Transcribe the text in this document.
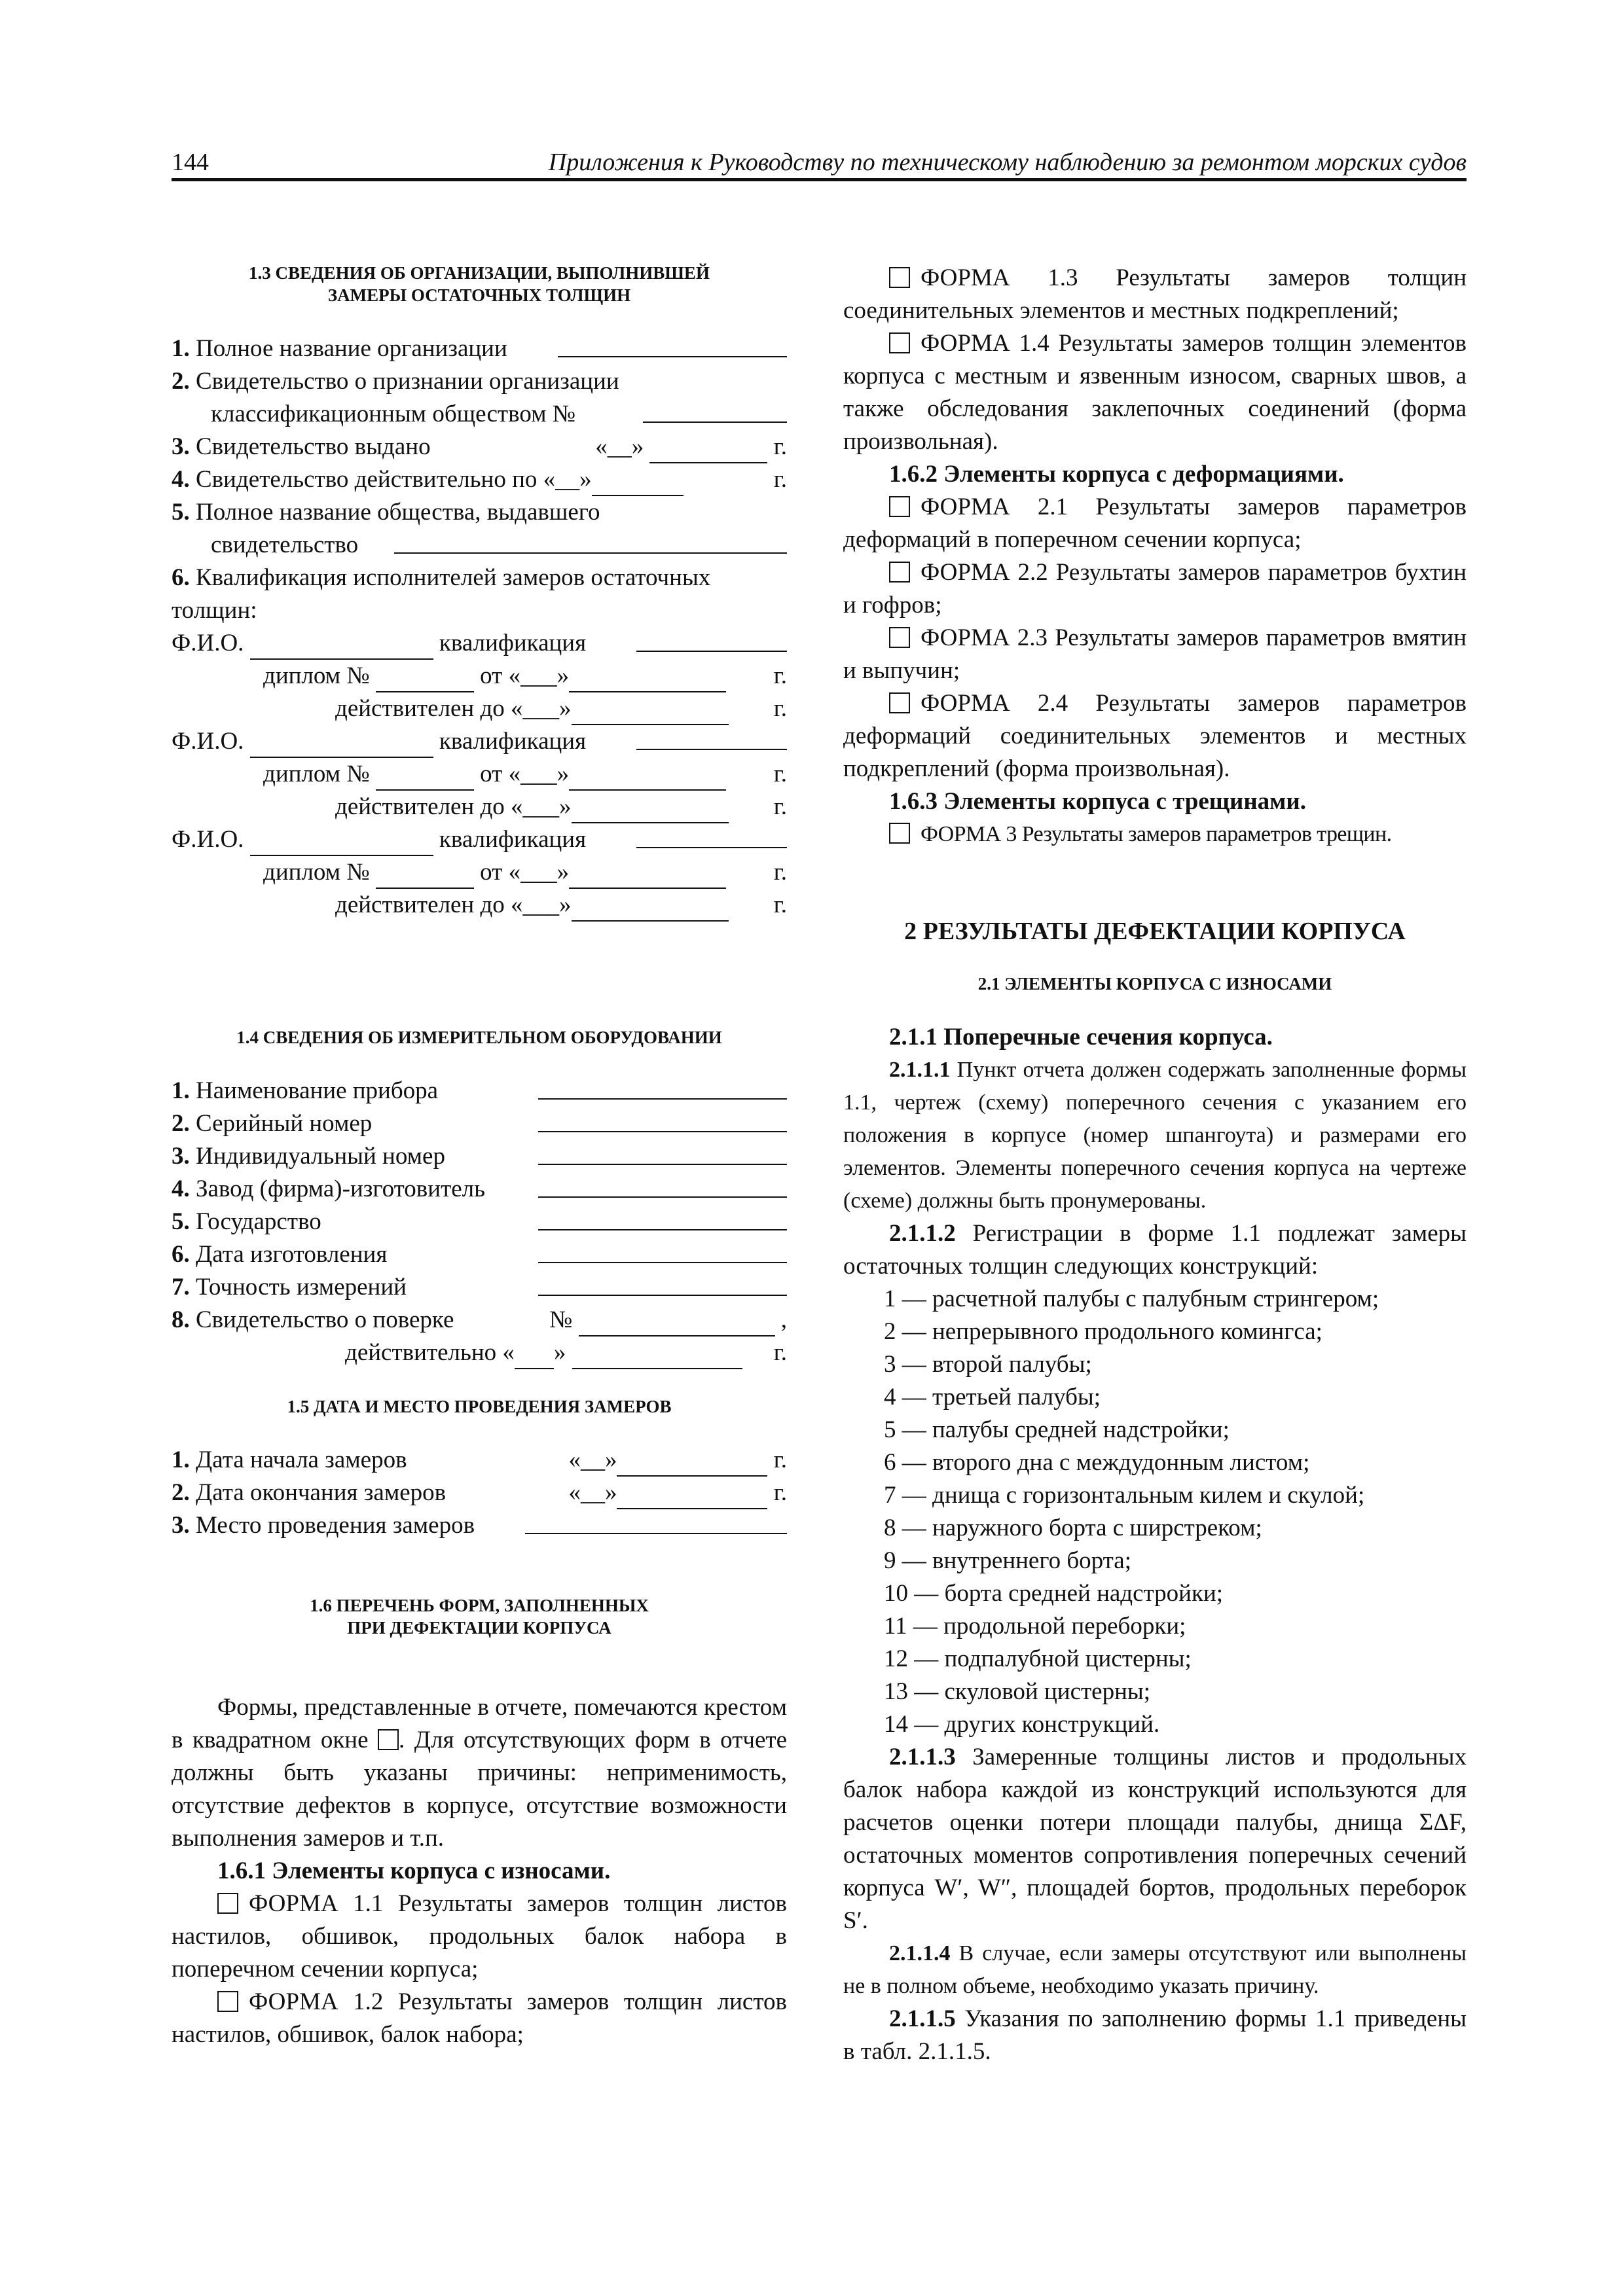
144	Приложения к Руководству по техническому наблюдению за ремонтом морских судов
1.3 СВЕДЕНИЯ ОБ ОРГАНИЗАЦИИ, ВЫПОЛНИВШЕЙ
ЗАМЕРЫ ОСТАТОЧНЫХ ТОЛЩИН
1. Полное название организации
2. Свидетельство о признании организации
классификационным обществом №
3. Свидетельство выдано	«__»	г.
4. Свидетельство действительно по «__»	г.
5. Полное название общества, выдавшего
свидетельство
6. Квалификация исполнителей замеров остаточных
толщин:
Ф.И.О.	квалификация
диплом №	от «___»	г.
действителен до «___»	г.
Ф.И.О.	квалификация
диплом №	от «___»	г.
действителен до «___»	г.
Ф.И.О.	квалификация
диплом №	от «___»	г.
действителен до «___»	г.
1.4 СВЕДЕНИЯ ОБ ИЗМЕРИТЕЛЬНОМ ОБОРУДОВАНИИ
1. Наименование прибора
2. Серийный номер
3. Индивидуальный номер
4. Завод (фирма)-изготовитель
5. Государство
6. Дата изготовления
7. Точность измерений
8. Свидетельство о поверке	№	,
действительно « »	г.
1.5 ДАТА И МЕСТО ПРОВЕДЕНИЯ ЗАМЕРОВ
1. Дата начала замеров	«__»	г.
2. Дата окончания замеров	«__»	г.
3. Место проведения замеров
1.6 ПЕРЕЧЕНЬ ФОРМ, ЗАПОЛНЕННЫХ
ПРИ ДЕФЕКТАЦИИ КОРПУСА
Формы, представленные в отчете, помечаются крестом в квадратном окне . Для отсутствующих форм в отчете должны быть указаны причины: неприменимость, отсутствие дефектов в корпусе, отсутствие возможности выполнения замеров и т.п.
1.6.1 Элементы корпуса с износами.
ФОРМА 1.1 Результаты замеров толщин листов настилов, обшивок, продольных балок набора в поперечном сечении корпуса;
ФОРМА 1.2 Результаты замеров толщин листов настилов, обшивок, балок набора;
ФОРМА 1.3 Результаты замеров толщин соединительных элементов и местных подкреплений;
ФОРМА 1.4 Результаты замеров толщин элементов корпуса с местным и язвенным износом, сварных швов, а также обследования заклепочных соединений (форма произвольная).
1.6.2 Элементы корпуса с деформациями.
ФОРМА 2.1 Результаты замеров параметров деформаций в поперечном сечении корпуса;
ФОРМА 2.2 Результаты замеров параметров бухтин и гофров;
ФОРМА 2.3 Результаты замеров параметров вмятин и выпучин;
ФОРМА 2.4 Результаты замеров параметров деформаций соединительных элементов и местных подкреплений (форма произвольная).
1.6.3 Элементы корпуса с трещинами.
ФОРМА 3 Результаты замеров параметров трещин.
2 РЕЗУЛЬТАТЫ ДЕФЕКТАЦИИ КОРПУСА
2.1 ЭЛЕМЕНТЫ КОРПУСА С ИЗНОСАМИ
2.1.1 Поперечные сечения корпуса.
2.1.1.1 Пункт отчета должен содержать заполненные формы 1.1, чертеж (схему) поперечного сечения с указанием его положения в корпусе (номер шпангоута) и размерами его элементов. Элементы поперечного сечения корпуса на чертеже (схеме) должны быть пронумерованы.
2.1.1.2 Регистрации в форме 1.1 подлежат замеры остаточных толщин следующих конструкций:
1 — расчетной палубы с палубным стрингером;
2 — непрерывного продольного комингса;
3 — второй палубы;
4 — третьей палубы;
5 — палубы средней надстройки;
6 — второго дна с междудонным листом;
7 — днища с горизонтальным килем и скулой;
8 — наружного борта с ширстреком;
9 — внутреннего борта;
10 — борта средней надстройки;
11 — продольной переборки;
12 — подпалубной цистерны;
13 — скуловой цистерны;
14 — других конструкций.
2.1.1.3 Замеренные толщины листов и продольных балок набора каждой из конструкций используются для расчетов оценки потери площади палубы, днища ΣΔF, остаточных моментов сопротивления поперечных сечений корпуса W′, W″, площадей бортов, продольных переборок S′.
2.1.1.4 В случае, если замеры отсутствуют или выполнены не в полном объеме, необходимо указать причину.
2.1.1.5 Указания по заполнению формы 1.1 приведены в табл. 2.1.1.5.
